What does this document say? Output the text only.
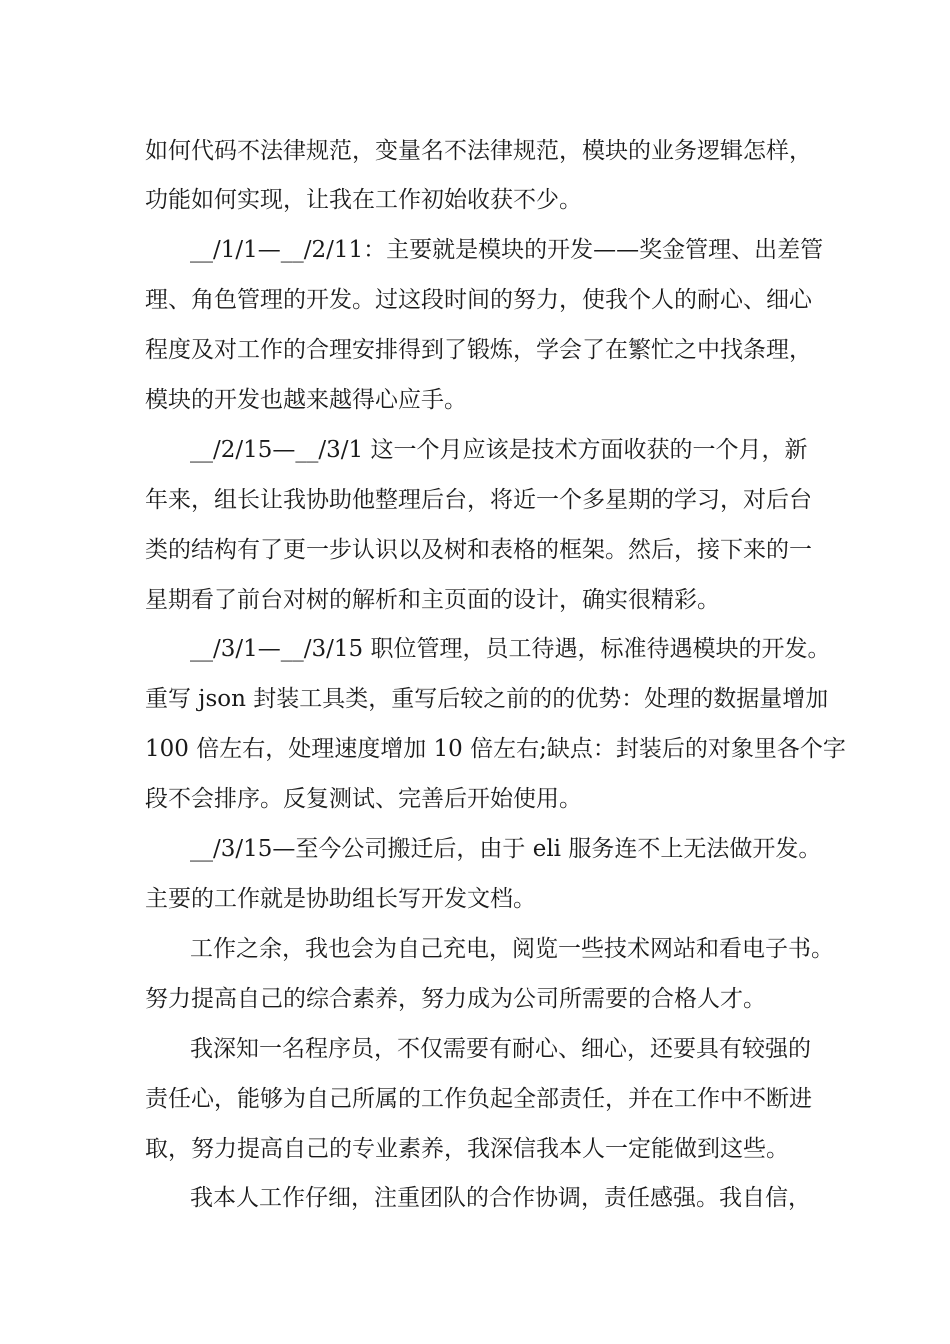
如何代码不法律规范，变量名不法律规范，模块的业务逻辑怎样，
功能如何实现，让我在工作初始收获不少。
__/1/1—__/2/11：主要就是模块的开发——奖金管理、出差管
理、角色管理的开发。过这段时间的努力，使我个人的耐心、细心
程度及对工作的合理安排得到了锻炼，学会了在繁忙之中找条理，
模块的开发也越来越得心应手。
__/2/15—__/3/1 这一个月应该是技术方面收获的一个月，新
年来，组长让我协助他整理后台，将近一个多星期的学习，对后台
类的结构有了更一步认识以及树和表格的框架。然后，接下来的一
星期看了前台对树的解析和主页面的设计，确实很精彩。
__/3/1—__/3/15 职位管理，员工待遇，标准待遇模块的开发。
重写 json 封装工具类，重写后较之前的的优势：处理的数据量增加
100 倍左右，处理速度增加 10 倍左右;缺点：封装后的对象里各个字
段不会排序。反复测试、完善后开始使用。
__/3/15—至今公司搬迁后，由于 eli 服务连不上无法做开发。
主要的工作就是协助组长写开发文档。
工作之余，我也会为自己充电，阅览一些技术网站和看电子书。
努力提高自己的综合素养，努力成为公司所需要的合格人才。
我深知一名程序员，不仅需要有耐心、细心，还要具有较强的
责任心，能够为自己所属的工作负起全部责任，并在工作中不断进
取，努力提高自己的专业素养，我深信我本人一定能做到这些。
我本人工作仔细，注重团队的合作协调，责任感强。我自信，
